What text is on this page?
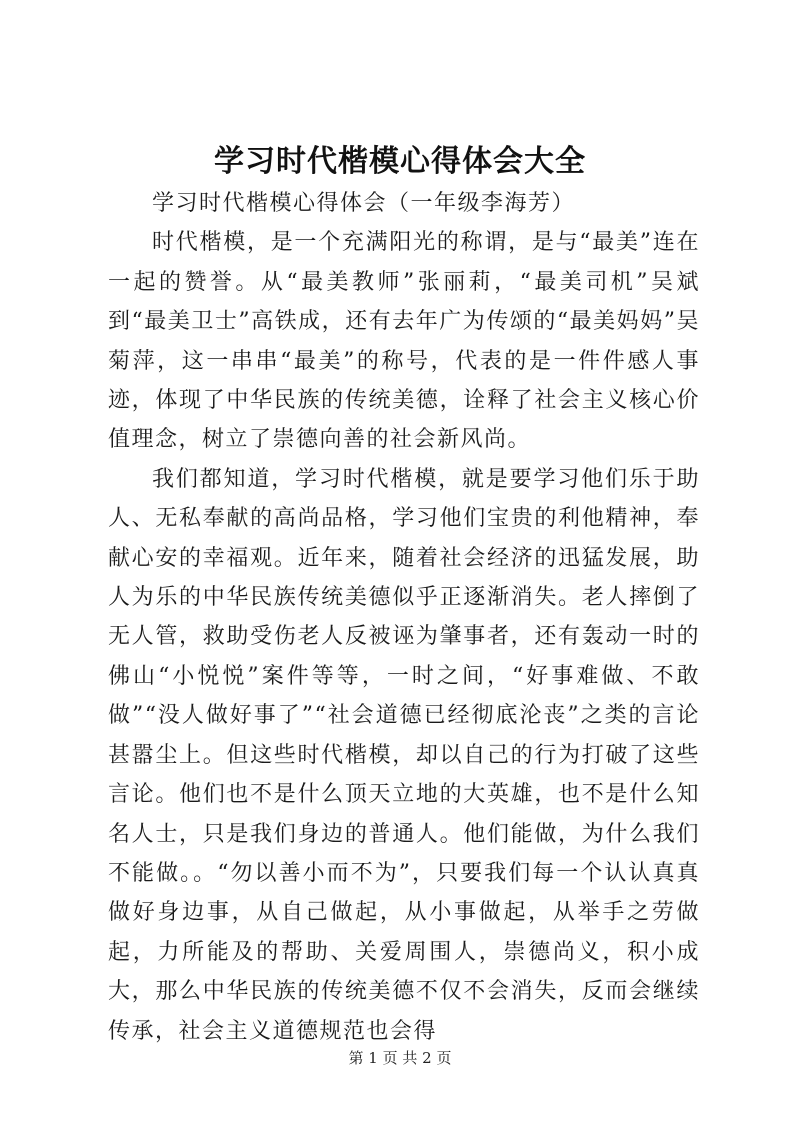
学习时代楷模心得体会大全

学习时代楷模心得体会（一年级李海芳）

时代楷模，是一个充满阳光的称谓，是与“最美”连在一起的赞誉。从“最美教师”张丽莉，“最美司机”吴斌到“最美卫士”高铁成，还有去年广为传颂的“最美妈妈”吴菊萍，这一串串“最美”的称号，代表的是一件件感人事迹，体现了中华民族的传统美德，诠释了社会主义核心价值理念，树立了崇德向善的社会新风尚。

我们都知道，学习时代楷模，就是要学习他们乐于助人、无私奉献的高尚品格，学习他们宝贵的利他精神，奉献心安的幸福观。近年来，随着社会经济的迅猛发展，助人为乐的中华民族传统美德似乎正逐渐消失。老人摔倒了无人管，救助受伤老人反被诬为肇事者，还有轰动一时的佛山“小悦悦”案件等等，一时之间，“好事难做、不敢做”“没人做好事了”“社会道德已经彻底沦丧”之类的言论甚嚣尘上。但这些时代楷模，却以自己的行为打破了这些言论。他们也不是什么顶天立地的大英雄，也不是什么知名人士，只是我们身边的普通人。他们能做，为什么我们不能做。。“勿以善小而不为”，只要我们每一个认认真真做好身边事，从自己做起，从小事做起，从举手之劳做起，力所能及的帮助、关爱周围人，崇德尚义，积小成大，那么中华民族的传统美德不仅不会消失，反而会继续传承，社会主义道德规范也会得

第 1 页 共 2 页
